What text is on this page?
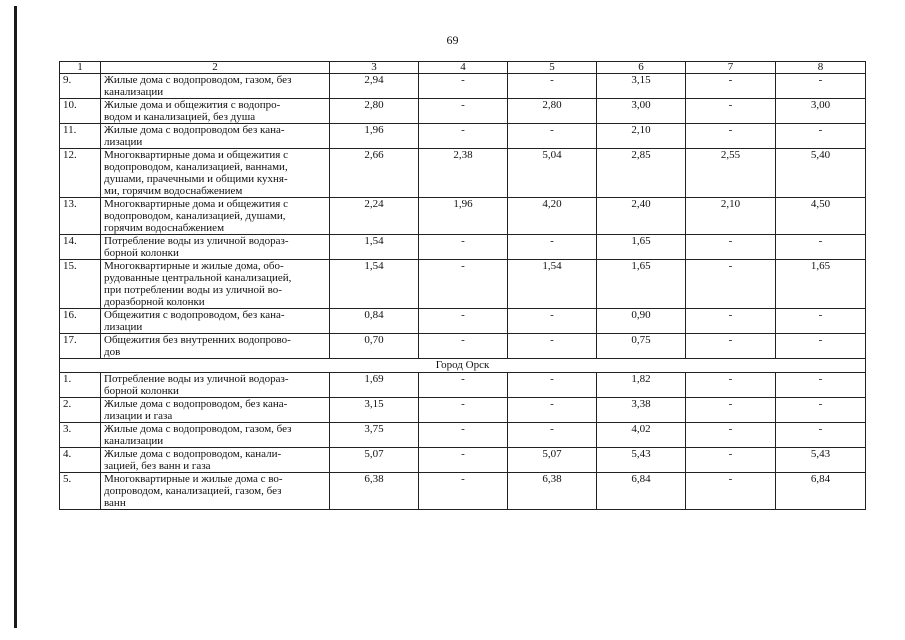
69
1	2	3	4	5	6	7	8
9.	Жилые дома с водопроводом, газом, без
канализации	2,94	-	-	3,15	-	-
10.	Жилые дома и общежития с водопро-
водом и канализацией, без душа	2,80	-	2,80	3,00	-	3,00
11.	Жилые дома с водопроводом без кана-
лизации	1,96	-	-	2,10	-	-
12.	Многоквартирные дома и общежития с
водопроводом, канализацией, ваннами,
душами, прачечными и общими кухня-
ми, горячим водоснабжением	2,66	2,38	5,04	2,85	2,55	5,40
13.	Многоквартирные дома и общежития с
водопроводом, канализацией, душами,
горячим водоснабжением	2,24	1,96	4,20	2,40	2,10	4,50
14.	Потребление воды из уличной водораз-
борной колонки	1,54	-	-	1,65	-	-
15.	Многоквартирные и жилые дома, обо-
рудованные центральной канализацией,
при потреблении воды из уличной во-
доразборной колонки	1,54	-	1,54	1,65	-	1,65
16.	Общежития с водопроводом, без кана-
лизации	0,84	-	-	0,90	-	-
17.	Общежития без внутренних водопрово-
дов	0,70	-	-	0,75	-	-
Город Орск							
1.	Потребление воды из уличной водораз-
борной колонки	1,69	-	-	1,82	-	-
2.	Жилые дома с водопроводом, без кана-
лизации и газа	3,15	-	-	3,38	-	-
3.	Жилые дома с водопроводом, газом, без
канализации	3,75	-	-	4,02	-	-
4.	Жилые дома с водопроводом, канали-
зацией, без ванн и газа	5,07	-	5,07	5,43	-	5,43
5.	Многоквартирные и жилые дома с во-
допроводом, канализацией, газом, без
ванн	6,38	-	6,38	6,84	-	6,84
